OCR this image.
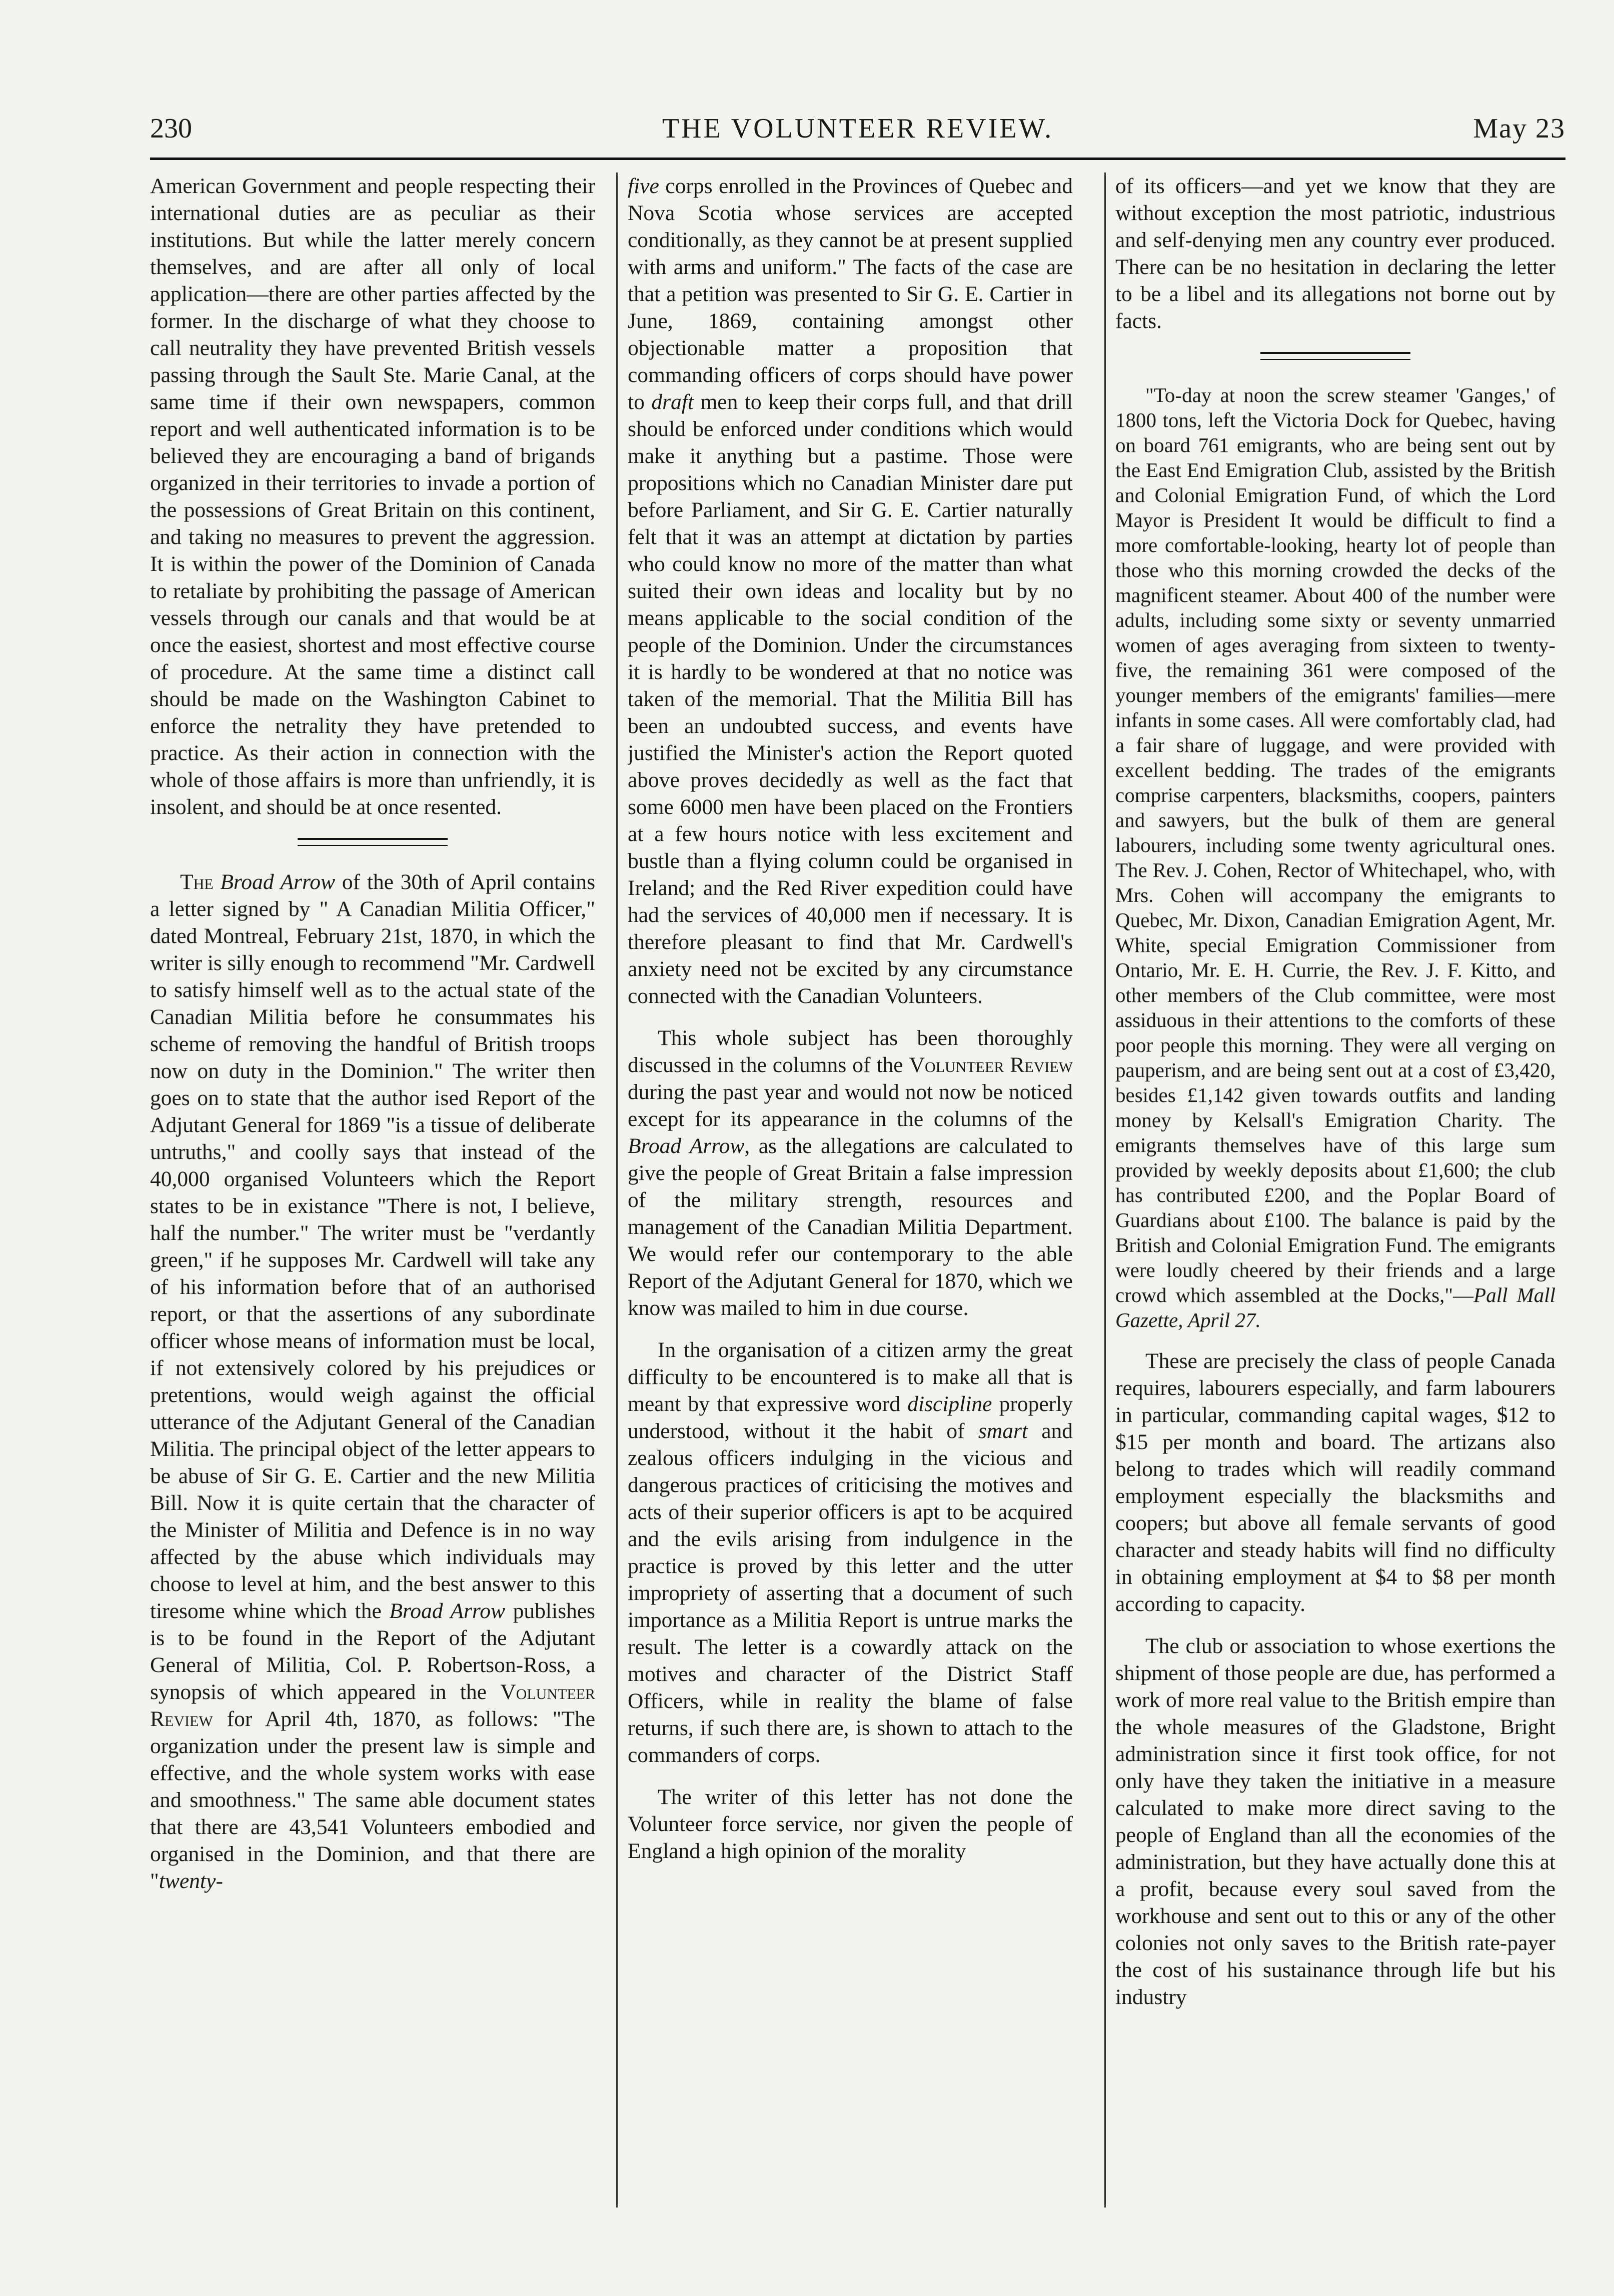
230	THE VOLUNTEER REVIEW.	May 23

American Government and people respecting their international duties are as peculiar as their institutions. But while the latter merely concern themselves, and are after all only of local application—there are other parties affected by the former. In the discharge of what they choose to call neutrality they have prevented British vessels passing through the Sault Ste. Marie Canal, at the same time if their own newspapers, common report and well authenticated information is to be believed they are encouraging a band of brigands organized in their territories to invade a portion of the possessions of Great Britain on this continent, and taking no measures to prevent the aggression. It is within the power of the Dominion of Canada to retaliate by prohibiting the passage of American vessels through our canals and that would be at once the easiest, shortest and most effective course of procedure. At the same time a distinct call should be made on the Washington Cabinet to enforce the netrality they have pretended to practice. As their action in connection with the whole of those affairs is more than unfriendly, it is insolent, and should be at once resented.

The Broad Arrow of the 30th of April contains a letter signed by " A Canadian Militia Officer," dated Montreal, February 21st, 1870, in which the writer is silly enough to recommend "Mr. Cardwell to satisfy himself well as to the actual state of the Canadian Militia before he consummates his scheme of removing the handful of British troops now on duty in the Dominion." The writer then goes on to state that the author ised Report of the Adjutant General for 1869 "is a tissue of deliberate untruths," and coolly says that instead of the 40,000 organised Volunteers which the Report states to be in existance "There is not, I believe, half the number." The writer must be "verdantly green," if he supposes Mr. Cardwell will take any of his information before that of an authorised report, or that the assertions of any subordinate officer whose means of information must be local, if not extensively colored by his prejudices or pretentions, would weigh against the official utterance of the Adjutant General of the Canadian Militia. The principal object of the letter appears to be abuse of Sir G. E. Cartier and the new Militia Bill. Now it is quite certain that the character of the Minister of Militia and Defence is in no way affected by the abuse which individuals may choose to level at him, and the best answer to this tiresome whine which the Broad Arrow publishes is to be found in the Report of the Adjutant General of Militia, Col. P. Robertson-Ross, a synopsis of which appeared in the Volunteer Review for April 4th, 1870, as follows: "The organization under the present law is simple and effective, and the whole system works with ease and smoothness." The same able document states that there are 43,541 Volunteers embodied and organised in the Dominion, and that there are "twenty-

five corps enrolled in the Provinces of Quebec and Nova Scotia whose services are accepted conditionally, as they cannot be at present supplied with arms and uniform." The facts of the case are that a petition was presented to Sir G. E. Cartier in June, 1869, containing amongst other objectionable matter a proposition that commanding officers of corps should have power to draft men to keep their corps full, and that drill should be enforced under conditions which would make it anything but a pastime. Those were propositions which no Canadian Minister dare put before Parliament, and Sir G. E. Cartier naturally felt that it was an attempt at dictation by parties who could know no more of the matter than what suited their own ideas and locality but by no means applicable to the social condition of the people of the Dominion. Under the circumstances it is hardly to be wondered at that no notice was taken of the memorial. That the Militia Bill has been an undoubted success, and events have justified the Minister's action the Report quoted above proves decidedly as well as the fact that some 6000 men have been placed on the Frontiers at a few hours notice with less excitement and bustle than a flying column could be organised in Ireland; and the Red River expedition could have had the services of 40,000 men if necessary. It is therefore pleasant to find that Mr. Cardwell's anxiety need not be excited by any circumstance connected with the Canadian Volunteers.

This whole subject has been thoroughly discussed in the columns of the Volunteer Review during the past year and would not now be noticed except for its appearance in the columns of the Broad Arrow, as the allegations are calculated to give the people of Great Britain a false impression of the military strength, resources and management of the Canadian Militia Department. We would refer our contemporary to the able Report of the Adjutant General for 1870, which we know was mailed to him in due course.

In the organisation of a citizen army the great difficulty to be encountered is to make all that is meant by that expressive word discipline properly understood, without it the habit of smart and zealous officers indulging in the vicious and dangerous practices of criticising the motives and acts of their superior officers is apt to be acquired and the evils arising from indulgence in the practice is proved by this letter and the utter impropriety of asserting that a document of such importance as a Militia Report is untrue marks the result. The letter is a cowardly attack on the motives and character of the District Staff Officers, while in reality the blame of false returns, if such there are, is shown to attach to the commanders of corps.

The writer of this letter has not done the Volunteer force service, nor given the people of England a high opinion of the morality

of its officers—and yet we know that they are without exception the most patriotic, industrious and self-denying men any country ever produced. There can be no hesitation in declaring the letter to be a libel and its allegations not borne out by facts.

"To-day at noon the screw steamer 'Ganges,' of 1800 tons, left the Victoria Dock for Quebec, having on board 761 emigrants, who are being sent out by the East End Emigration Club, assisted by the British and Colonial Emigration Fund, of which the Lord Mayor is President It would be difficult to find a more comfortable-looking, hearty lot of people than those who this morning crowded the decks of the magnificent steamer. About 400 of the number were adults, including some sixty or seventy unmarried women of ages averaging from sixteen to twenty-five, the remaining 361 were composed of the younger members of the emigrants' families—mere infants in some cases. All were comfortably clad, had a fair share of luggage, and were provided with excellent bedding. The trades of the emigrants comprise carpenters, blacksmiths, coopers, painters and sawyers, but the bulk of them are general labourers, including some twenty agricultural ones. The Rev. J. Cohen, Rector of Whitechapel, who, with Mrs. Cohen will accompany the emigrants to Quebec, Mr. Dixon, Canadian Emigration Agent, Mr. White, special Emigration Commissioner from Ontario, Mr. E. H. Currie, the Rev. J. F. Kitto, and other members of the Club committee, were most assiduous in their attentions to the comforts of these poor people this morning. They were all verging on pauperism, and are being sent out at a cost of £3,420, besides £1,142 given towards outfits and landing money by Kelsall's Emigration Charity. The emigrants themselves have of this large sum provided by weekly deposits about £1,600; the club has contributed £200, and the Poplar Board of Guardians about £100. The balance is paid by the British and Colonial Emigration Fund. The emigrants were loudly cheered by their friends and a large crowd which assembled at the Docks,"—Pall Mall Gazette, April 27.

These are precisely the class of people Canada requires, labourers especially, and farm labourers in particular, commanding capital wages, $12 to $15 per month and board. The artizans also belong to trades which will readily command employment especially the blacksmiths and coopers; but above all female servants of good character and steady habits will find no difficulty in obtaining employment at $4 to $8 per month according to capacity.

The club or association to whose exertions the shipment of those people are due, has performed a work of more real value to the British empire than the whole measures of the Gladstone, Bright administration since it first took office, for not only have they taken the initiative in a measure calculated to make more direct saving to the people of England than all the economies of the administration, but they have actually done this at a profit, because every soul saved from the workhouse and sent out to this or any of the other colonies not only saves to the British rate-payer the cost of his sustainance through life but his industry
